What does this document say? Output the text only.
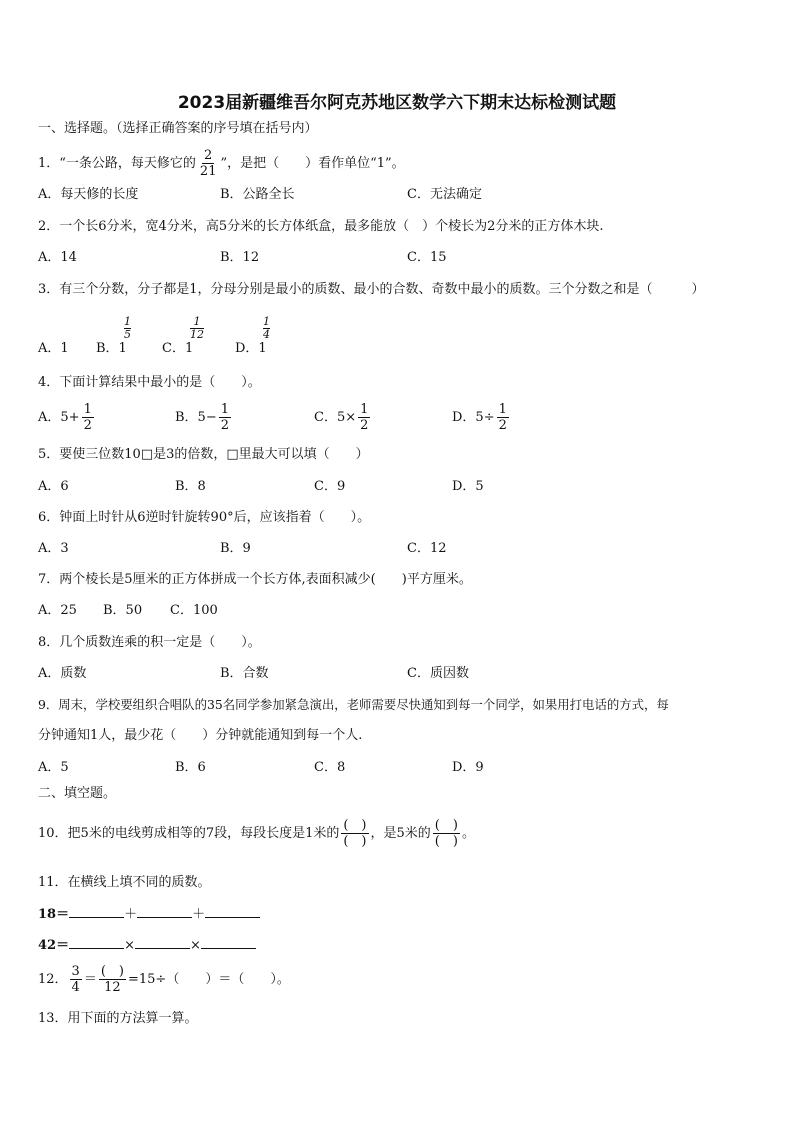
2023届新疆维吾尔阿克苏地区数学六下期末达标检测试题
一、选择题。（选择正确答案的序号填在括号内）
1．“一条公路，每天修它的 $\frac{2}{21}$ ”，是把（　　）看作单位“1”。
A．每天修的长度	B．公路全长	C．无法确定
2．一个长6分米，宽4分米，高5分米的长方体纸盒，最多能放（　）个棱长为2分米的正方体木块.
A．14	B．12	C．15
3．有三个分数，分子都是1，分母分别是最小的质数、最小的合数、奇数中最小的质数。三个分数之和是（　　　）
A．1 B．1
1
5
C．1
1
12
D．1
1
4
4．下面计算结果中最小的是（　　）。
A．$5+ \frac{1}{2}$	B．$5- \frac{1}{2}$	C．$5\times \frac{1}{2}$	D．$5\div \frac{1}{2}$
5．要使三位数10□是3的倍数，□里最大可以填（　　）
A．6	B．8	C．9	D．5
6．钟面上时针从6逆时针旋转90°后，应该指着（　　）。
A．3	B．9	C．12
7．两个棱长是5厘米的正方体拼成一个长方体,表面积减少(　　)平方厘米。
A．25 B．50 C．100
8．几个质数连乘的积一定是（　　）。
A．质数	B．合数	C．质因数
9．周末，学校要组织合唱队的35名同学参加紧急演出，老师需要尽快通知到每一个同学，如果用打电话的方式，每
分钟通知1人，最少花（　　）分钟就能通知到每一个人.
A．5	B．6	C．8	D．9
二、填空题。
10．把5米的电线剪成相等的7段，每段长度是1米的 $\frac{( )}{( )}$ ，是5米的 $\frac{( )}{( )}$ 。
11．在横线上填不同的质数。
18＝	＋	＋
42＝	×	×
12． $\frac{3}{4} = \frac{( )}{12} =15\div$（　　）＝（　　）。
13．用下面的方法算一算。
